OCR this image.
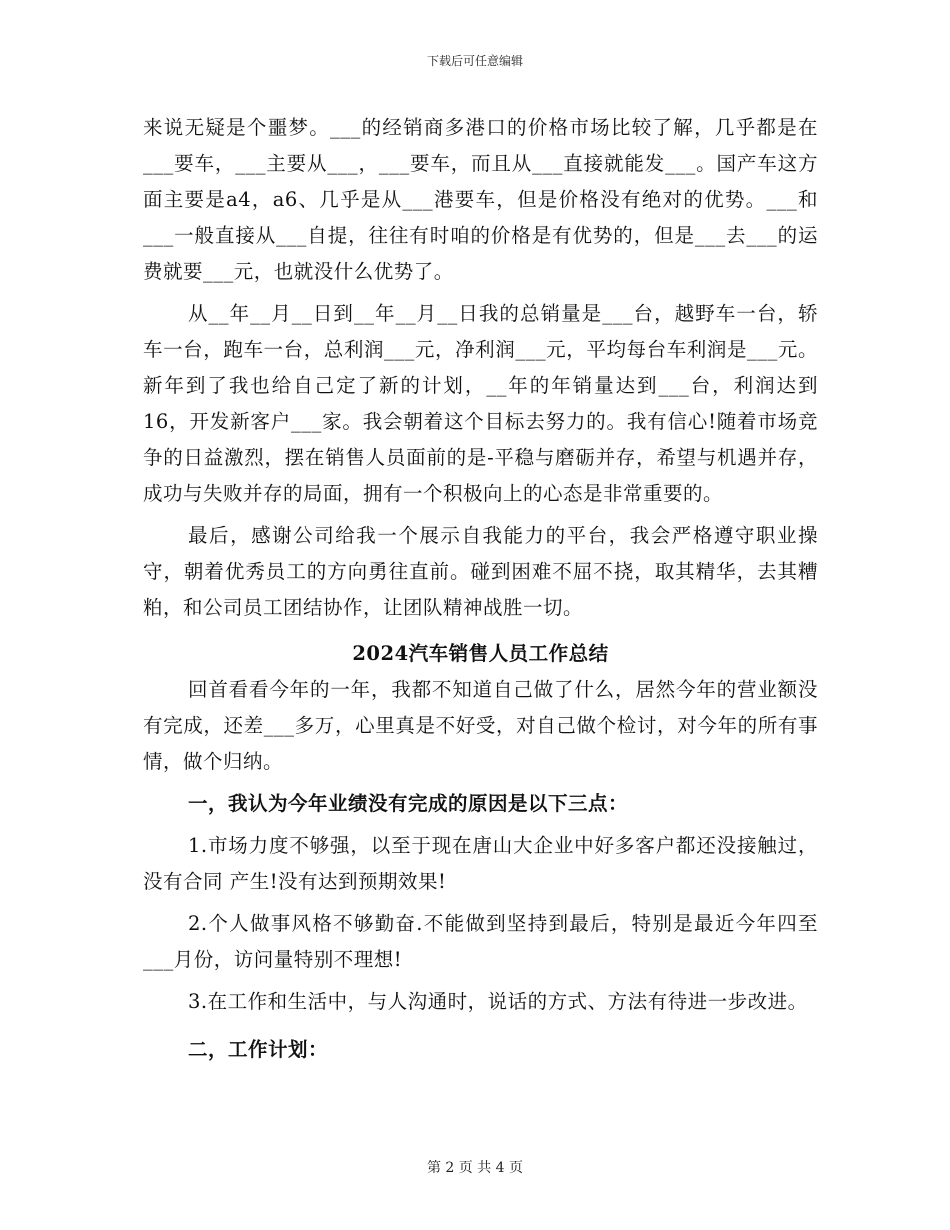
下载后可任意编辑

来说无疑是个噩梦。___的经销商多港口的价格市场比较了解，几乎都是在___要车，___主要从___，___要车，而且从___直接就能发___。国产车这方面主要是a4，a6、几乎是从___港要车，但是价格没有绝对的优势。___和___一般直接从___自提，往往有时咱的价格是有优势的，但是___去___的运费就要___元，也就没什么优势了。

从__年__月__日到__年__月__日我的总销量是___台，越野车一台，轿车一台，跑车一台，总利润___元，净利润___元，平均每台车利润是___元。新年到了我也给自己定了新的计划，__年的年销量达到___台，利润达到16，开发新客户___家。我会朝着这个目标去努力的。我有信心!随着市场竞争的日益激烈，摆在销售人员面前的是-平稳与磨砺并存，希望与机遇并存，成功与失败并存的局面，拥有一个积极向上的心态是非常重要的。

最后，感谢公司给我一个展示自我能力的平台，我会严格遵守职业操守，朝着优秀员工的方向勇往直前。碰到困难不屈不挠，取其精华，去其糟粕，和公司员工团结协作，让团队精神战胜一切。

2024汽车销售人员工作总结

回首看看今年的一年，我都不知道自己做了什么，居然今年的营业额没有完成，还差___多万，心里真是不好受，对自己做个检讨，对今年的所有事情，做个归纳。

一，我认为今年业绩没有完成的原因是以下三点：

1.市场力度不够强，以至于现在唐山大企业中好多客户都还没接触过，没有合同 产生!没有达到预期效果!

2.个人做事风格不够勤奋.不能做到坚持到最后，特别是最近今年四至___月份，访问量特别不理想!

3.在工作和生活中，与人沟通时，说话的方式、方法有待进一步改进。

二，工作计划：

第 2 页 共 4 页
